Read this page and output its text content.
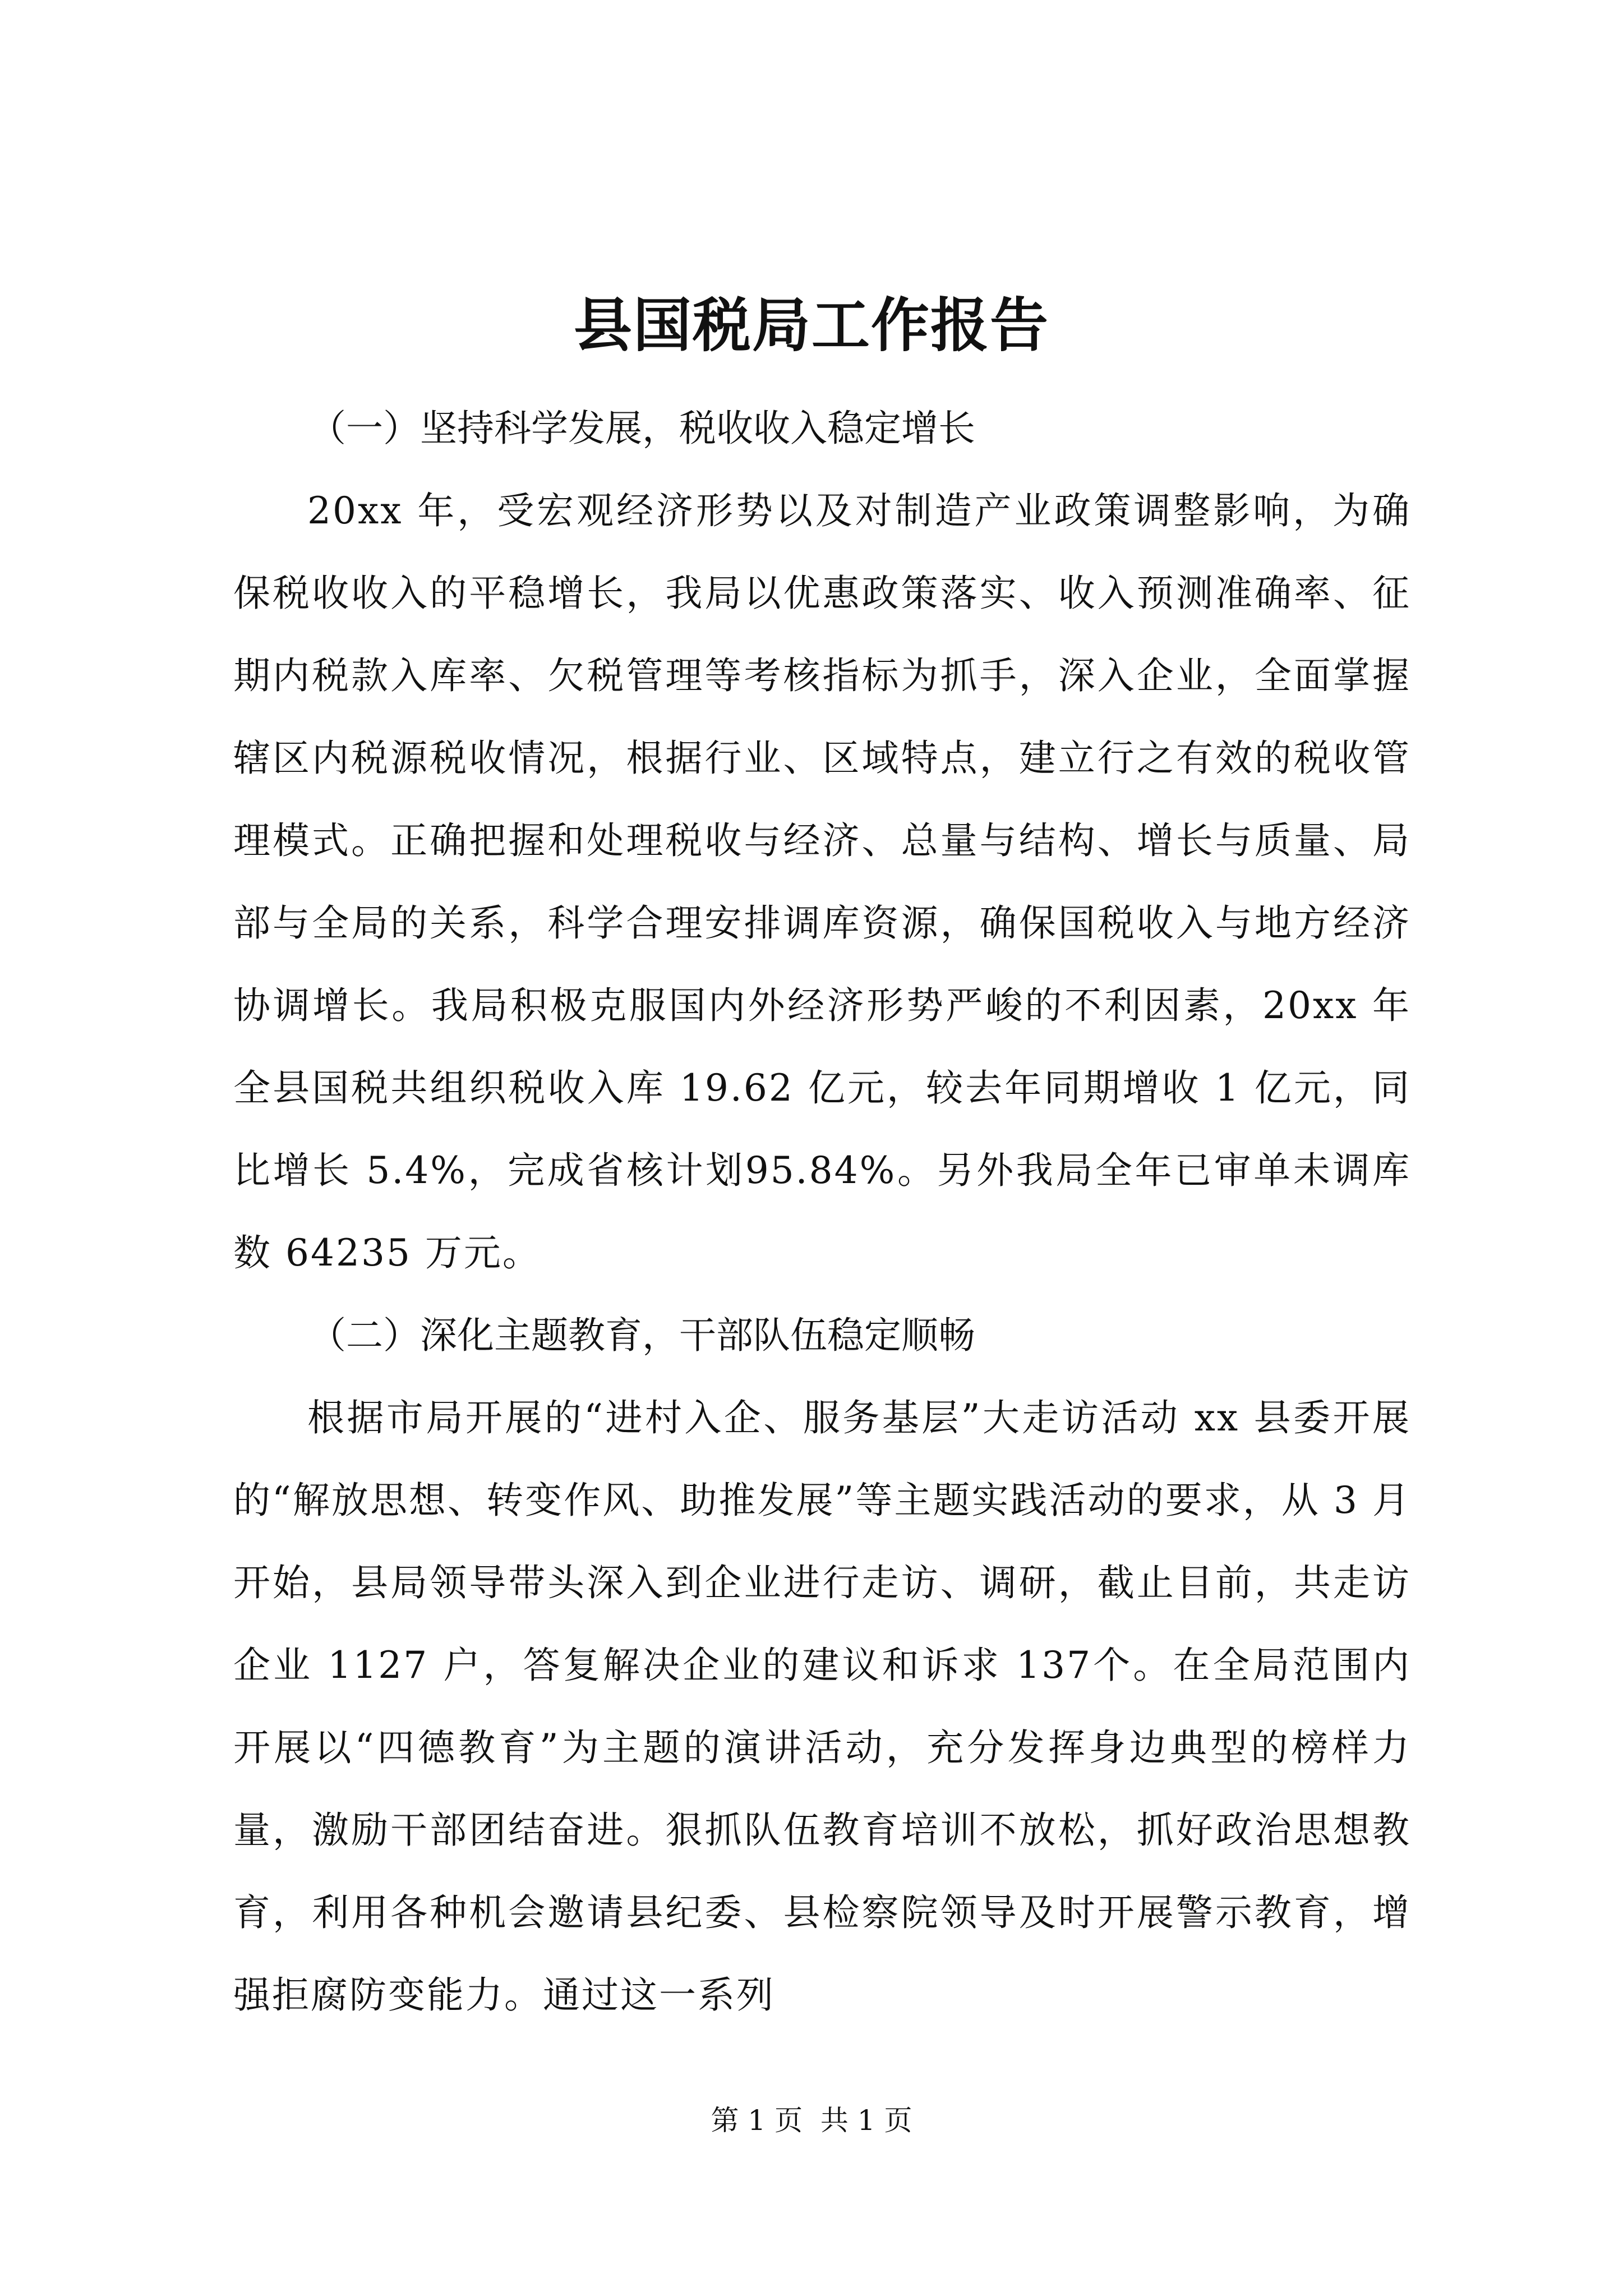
县国税局工作报告

（一）坚持科学发展，税收收入稳定增长

20xx 年，受宏观经济形势以及对制造产业政策调整影响，为确保税收收入的平稳增长，我局以优惠政策落实、收入预测准确率、征期内税款入库率、欠税管理等考核指标为抓手，深入企业，全面掌握辖区内税源税收情况，根据行业、区域特点，建立行之有效的税收管理模式。正确把握和处理税收与经济、总量与结构、增长与质量、局部与全局的关系，科学合理安排调库资源，确保国税收入与地方经济协调增长。我局积极克服国内外经济形势严峻的不利因素，20xx 年全县国税共组织税收入库 19.62 亿元，较去年同期增收 1 亿元，同比增长 5.4%，完成省核计划95.84%。另外我局全年已审单未调库数 64235 万元。

（二）深化主题教育，干部队伍稳定顺畅

根据市局开展的“进村入企、服务基层”大走访活动 xx 县委开展的“解放思想、转变作风、助推发展”等主题实践活动的要求，从 3 月开始，县局领导带头深入到企业进行走访、调研，截止目前，共走访企业 1127 户，答复解决企业的建议和诉求 137个。在全局范围内开展以“四德教育”为主题的演讲活动，充分发挥身边典型的榜样力量，激励干部团结奋进。狠抓队伍教育培训不放松，抓好政治思想教育，利用各种机会邀请县纪委、县检察院领导及时开展警示教育，增强拒腐防变能力。通过这一系列

第 1 页  共 1 页
